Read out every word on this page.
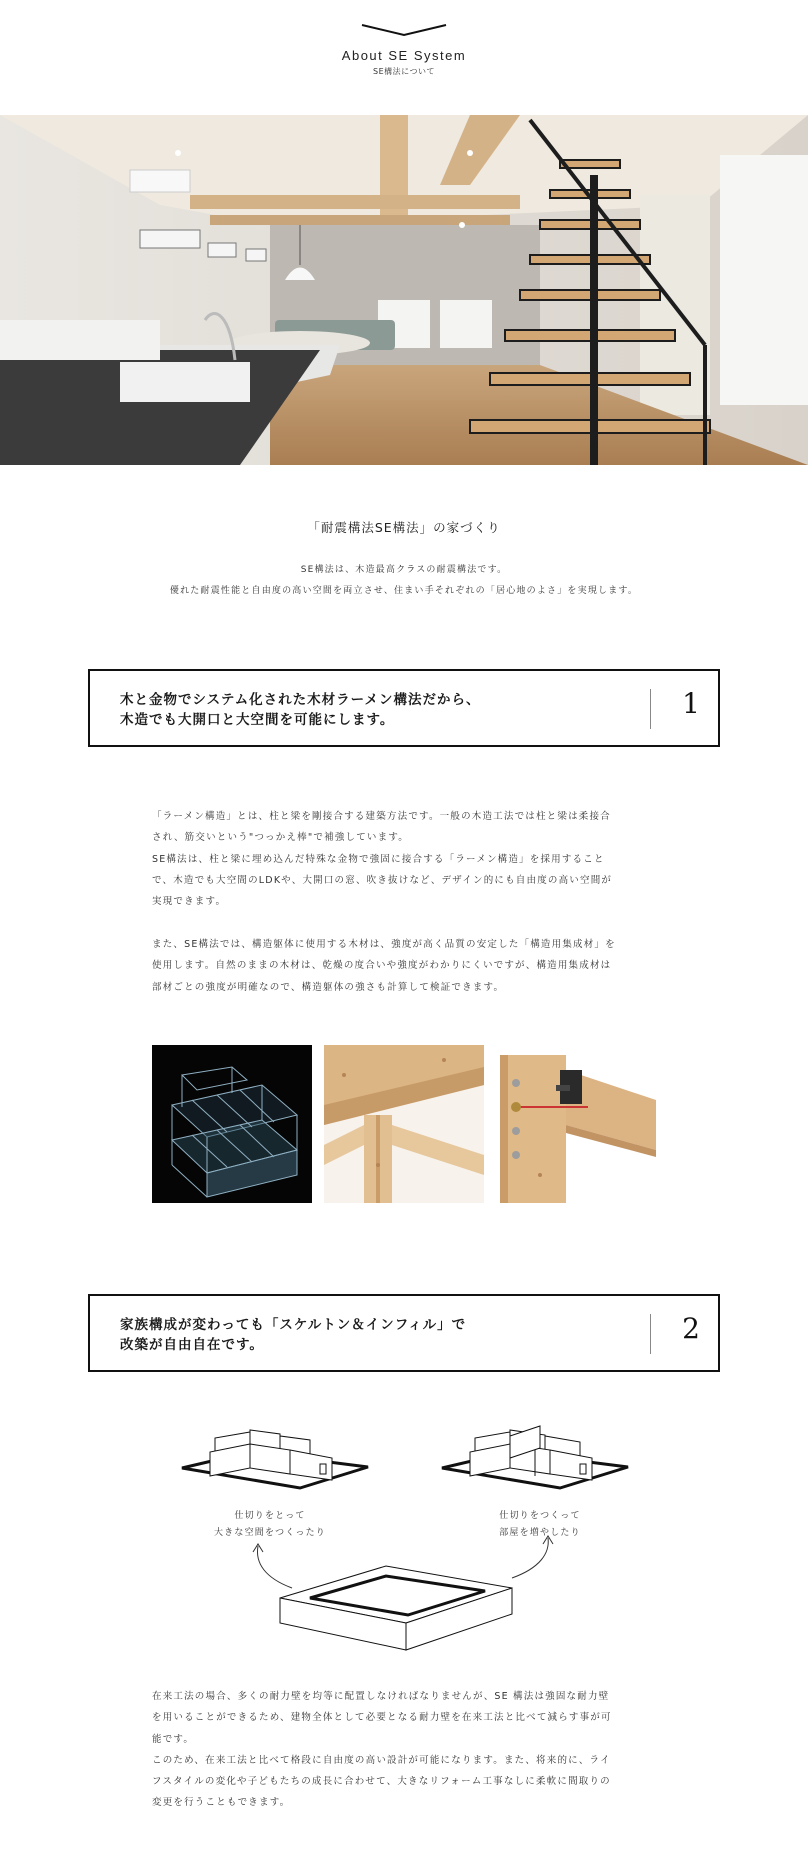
About SE System
SE構法について
「耐震構法SE構法」の家づくり
SE構法は、木造最高クラスの耐震構法です。
優れた耐震性能と自由度の高い空間を両立させ、住まい手それぞれの「居心地のよさ」を実現します。
木と金物でシステム化された木材ラーメン構法だから、
木造でも大開口と大空間を可能にします。	1

「ラーメン構造」とは、柱と梁を剛接合する建築方法です。一般の木造工法では柱と梁は柔接合

され、筋交いという"つっかえ棒"で補強しています。

SE構法は、柱と梁に埋め込んだ特殊な金物で強固に接合する「ラーメン構造」を採用すること

で、木造でも大空間のLDKや、大開口の窓、吹き抜けなど、デザイン的にも自由度の高い空間が

実現できます。

また、SE構法では、構造躯体に使用する木材は、強度が高く品質の安定した「構造用集成材」を

使用します。自然のままの木材は、乾燥の度合いや強度がわかりにくいですが、構造用集成材は

部材ごとの強度が明確なので、構造躯体の強さも計算して検証できます。

家族構成が変わっても「スケルトン＆インフィル」で
改築が自由自在です。	2
仕切りをとって
大きな空間をつくったり
仕切りをつくって
部屋を増やしたり

在来工法の場合、多くの耐力壁を均等に配置しなければなりませんが、SE 構法は強固な耐力壁

を用いることができるため、建物全体として必要となる耐力壁を在来工法と比べて減らす事が可

能です。

このため、在来工法と比べて格段に自由度の高い設計が可能になります。また、将来的に、ライ

フスタイルの変化や子どもたちの成長に合わせて、大きなリフォーム工事なしに柔軟に間取りの

変更を行うこともできます。
